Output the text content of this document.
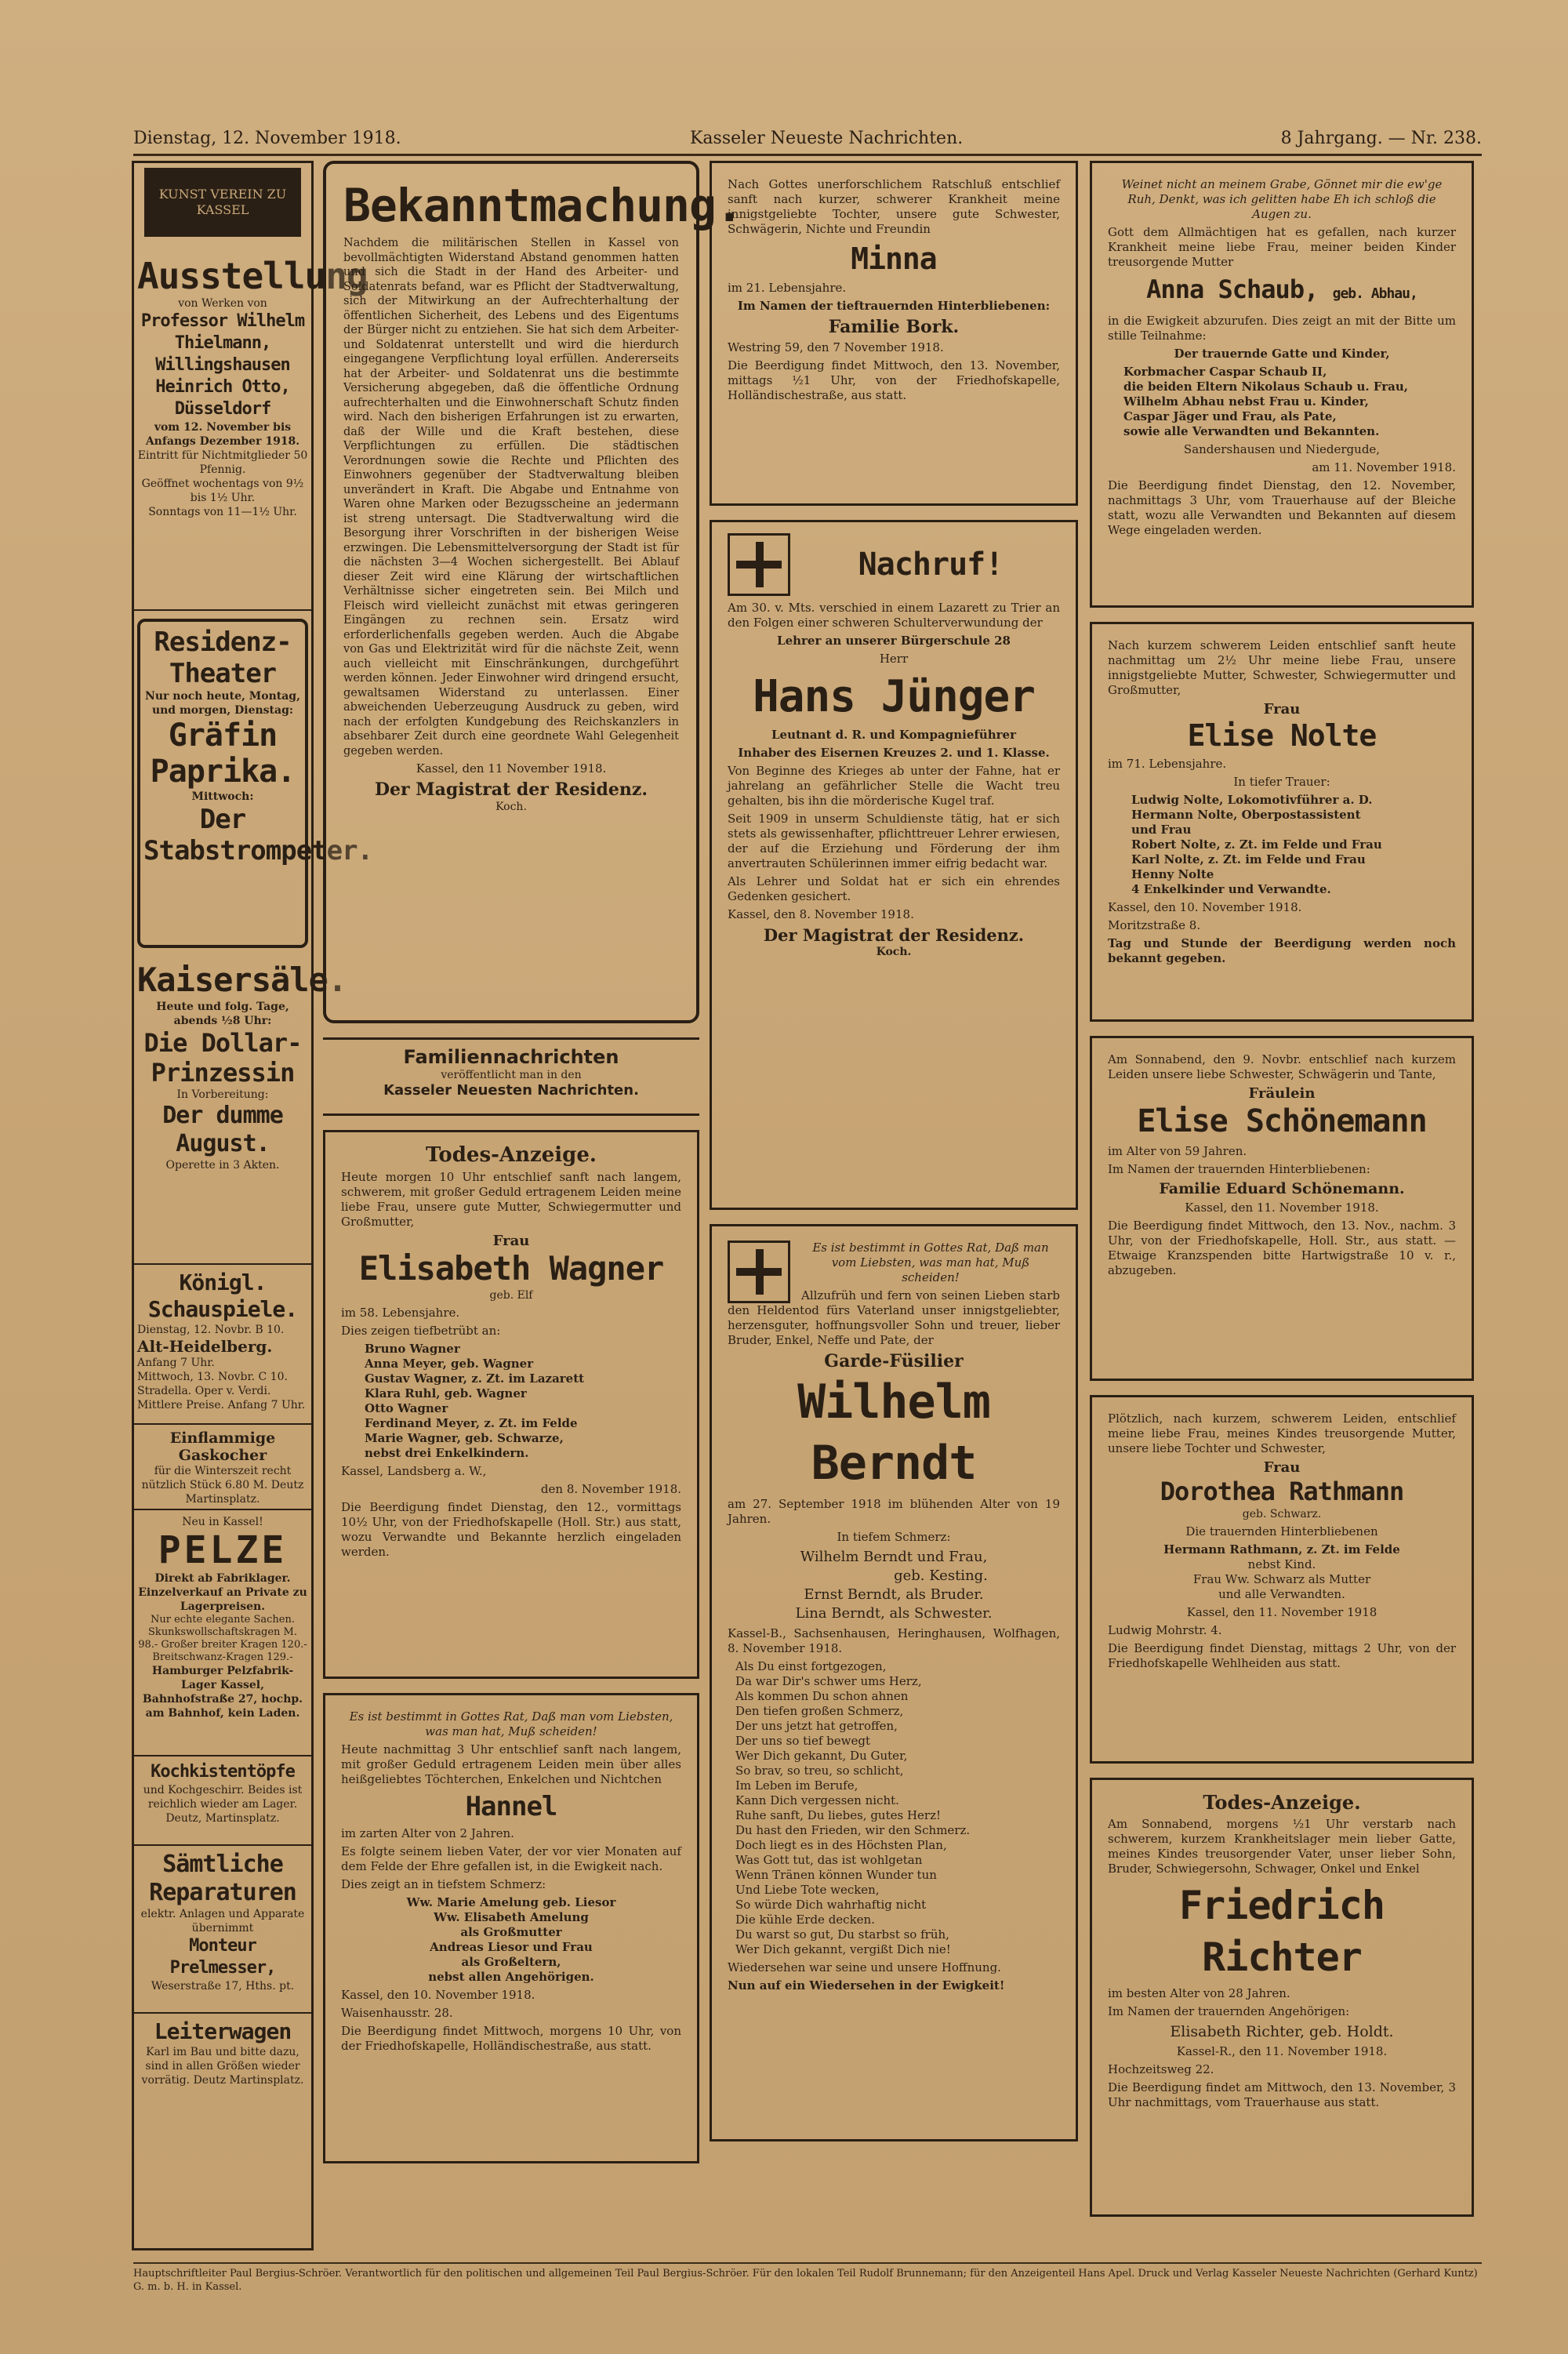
Dienstag, 12. November 1918.	Kasseler Neueste Nachrichten.	8 Jahrgang. — Nr. 238.
KUNST VEREIN ZU KASSEL
Ausstellung
von Werken von
Professor Wilhelm Thielmann, Willingshausen
Heinrich Otto, Düsseldorf
vom 12. November bis Anfangs Dezember 1918.
Eintritt für Nichtmitglieder 50 Pfennig.
Geöffnet wochentags von 9½ bis 1½ Uhr.
Sonntags von 11—1½ Uhr.
Residenz-Theater
Nur noch heute, Montag, und morgen, Dienstag:
Gräfin Paprika.
Mittwoch:
Der Stabstrompeter.
Kaisersäle.
Heute und folg. Tage, abends ½8 Uhr:
Die Dollar-Prinzessin
In Vorbereitung:
Der dumme August.
Operette in 3 Akten.
Königl. Schauspiele.
Dienstag, 12. Novbr. B 10.
Alt-Heidelberg.
Anfang 7 Uhr.
Mittwoch, 13. Novbr. C 10. Stradella. Oper v. Verdi. Mittlere Preise. Anfang 7 Uhr.
Einflammige Gaskocher
für die Winterszeit recht nützlich Stück 6.80 M. Deutz Martinsplatz.
Neu in Kassel!
PELZE
Direkt ab Fabriklager. Einzelverkauf an Private zu Lagerpreisen.
Nur echte elegante Sachen. Skunkswollschaftskragen M. 98.- Großer breiter Kragen 120.- Breitschwanz-Kragen 129.-
Hamburger Pelzfabrik-Lager Kassel, Bahnhofstraße 27, hochp. am Bahnhof, kein Laden.
Kochkistentöpfe
und Kochgeschirr. Beides ist reichlich wieder am Lager. Deutz, Martinsplatz.
Sämtliche Reparaturen
elektr. Anlagen und Apparate übernimmt
Monteur Prelmesser,
Weserstraße 17, Hths. pt.
Leiterwagen
Karl im Bau und bitte dazu, sind in allen Größen wieder vorrätig. Deutz Martinsplatz.
Bekanntmachung.
Nachdem die militärischen Stellen in Kassel von bevollmächtigten Widerstand Abstand genommen hatten und sich die Stadt in der Hand des Arbeiter- und Soldatenrats befand, war es Pflicht der Stadtverwaltung, sich der Mitwirkung an der Aufrechterhaltung der öffentlichen Sicherheit, des Lebens und des Eigentums der Bürger nicht zu entziehen. Sie hat sich dem Arbeiter- und Soldatenrat unterstellt und wird die hierdurch eingegangene Verpflichtung loyal erfüllen. Andererseits hat der Arbeiter- und Soldatenrat uns die bestimmte Versicherung abgegeben, daß die öffentliche Ordnung aufrechterhalten und die Einwohnerschaft Schutz finden wird. Nach den bisherigen Erfahrungen ist zu erwarten, daß der Wille und die Kraft bestehen, diese Verpflichtungen zu erfüllen. Die städtischen Verordnungen sowie die Rechte und Pflichten des Einwohners gegenüber der Stadtverwaltung bleiben unverändert in Kraft. Die Abgabe und Entnahme von Waren ohne Marken oder Bezugsscheine an jedermann ist streng untersagt. Die Stadtverwaltung wird die Besorgung ihrer Vorschriften in der bisherigen Weise erzwingen. Die Lebensmittelversorgung der Stadt ist für die nächsten 3—4 Wochen sichergestellt. Bei Ablauf dieser Zeit wird eine Klärung der wirtschaftlichen Verhältnisse sicher eingetreten sein. Bei Milch und Fleisch wird vielleicht zunächst mit etwas geringeren Eingängen zu rechnen sein. Ersatz wird erforderlichenfalls gegeben werden. Auch die Abgabe von Gas und Elektrizität wird für die nächste Zeit, wenn auch vielleicht mit Einschränkungen, durchgeführt werden können. Jeder Einwohner wird dringend ersucht, gewaltsamen Widerstand zu unterlassen. Einer abweichenden Ueberzeugung Ausdruck zu geben, wird nach der erfolgten Kundgebung des Reichskanzlers in absehbarer Zeit durch eine geordnete Wahl Gelegenheit gegeben werden.
Kassel, den 11 November 1918.
Der Magistrat der Residenz.
Koch.
Familiennachrichten
veröffentlicht man in den
Kasseler Neuesten Nachrichten.
Todes-Anzeige.
Heute morgen 10 Uhr entschlief sanft nach langem, schwerem, mit großer Geduld ertragenem Leiden meine liebe Frau, unsere gute Mutter, Schwiegermutter und Großmutter,
Frau
Elisabeth Wagner
geb. Elf
im 58. Lebensjahre.
Dies zeigen tiefbetrübt an:
Bruno Wagner
Anna Meyer, geb. Wagner
Gustav Wagner, z. Zt. im Lazarett
Klara Ruhl, geb. Wagner
Otto Wagner
Ferdinand Meyer, z. Zt. im Felde
Marie Wagner, geb. Schwarze,
nebst drei Enkelkindern.
Kassel, Landsberg a. W.,
den 8. November 1918.
Die Beerdigung findet Dienstag, den 12., vormittags 10½ Uhr, von der Friedhofskapelle (Holl. Str.) aus statt, wozu Verwandte und Bekannte herzlich eingeladen werden.
Es ist bestimmt in Gottes Rat, Daß man vom Liebsten, was man hat, Muß scheiden!
Heute nachmittag 3 Uhr entschlief sanft nach langem, mit großer Geduld ertragenem Leiden mein über alles heißgeliebtes Töchterchen, Enkelchen und Nichtchen
Hannel
im zarten Alter von 2 Jahren.
Es folgte seinem lieben Vater, der vor vier Monaten auf dem Felde der Ehre gefallen ist, in die Ewigkeit nach.
Dies zeigt an in tiefstem Schmerz:
Ww. Marie Amelung geb. Liesor
Ww. Elisabeth Amelung
als Großmutter
Andreas Liesor und Frau
als Großeltern,
nebst allen Angehörigen.
Kassel, den 10. November 1918.
Waisenhausstr. 28.
Die Beerdigung findet Mittwoch, morgens 10 Uhr, von der Friedhofskapelle, Holländischestraße, aus statt.
Nach Gottes unerforschlichem Ratschluß entschlief sanft nach kurzer, schwerer Krankheit meine innigstgeliebte Tochter, unsere gute Schwester, Schwägerin, Nichte und Freundin
Minna
im 21. Lebensjahre.
Im Namen der tieftrauernden Hinterbliebenen:
Familie Bork.
Westring 59, den 7 November 1918.
Die Beerdigung findet Mittwoch, den 13. November, mittags ½1 Uhr, von der Friedhofskapelle, Holländischestraße, aus statt.
Nachruf!
Am 30. v. Mts. verschied in einem Lazarett zu Trier an den Folgen einer schweren Schulterverwundung der
Lehrer an unserer Bürgerschule 28
Herr
Hans Jünger
Leutnant d. R. und Kompagnieführer
Inhaber des Eisernen Kreuzes 2. und 1. Klasse.
Von Beginne des Krieges ab unter der Fahne, hat er jahrelang an gefährlicher Stelle die Wacht treu gehalten, bis ihn die mörderische Kugel traf.
Seit 1909 in unserm Schuldienste tätig, hat er sich stets als gewissenhafter, pflichttreuer Lehrer erwiesen, der auf die Erziehung und Förderung der ihm anvertrauten Schülerinnen immer eifrig bedacht war.
Als Lehrer und Soldat hat er sich ein ehrendes Gedenken gesichert.
Kassel, den 8. November 1918.
Der Magistrat der Residenz.
Koch.
Es ist bestimmt in Gottes Rat, Daß man vom Liebsten, was man hat, Muß scheiden!
Allzufrüh und fern von seinen Lieben starb den Heldentod fürs Vaterland unser innigstgeliebter, herzensguter, hoffnungsvoller Sohn und treuer, lieber Bruder, Enkel, Neffe und Pate, der
Garde-Füsilier
Wilhelm Berndt
am 27. September 1918 im blühenden Alter von 19 Jahren.
In tiefem Schmerz:
Wilhelm Berndt und Frau,
geb. Kesting.
Ernst Berndt, als Bruder.
Lina Berndt, als Schwester.
Kassel-B., Sachsenhausen, Heringhausen, Wolfhagen, 8. November 1918.
Als Du einst fortgezogen,
Da war Dir's schwer ums Herz,
Als kommen Du schon ahnen
Den tiefen großen Schmerz,
Der uns jetzt hat getroffen,
Der uns so tief bewegt
Wer Dich gekannt, Du Guter,
So brav, so treu, so schlicht,
Im Leben im Berufe,
Kann Dich vergessen nicht.
Ruhe sanft, Du liebes, gutes Herz!
Du hast den Frieden, wir den Schmerz.
Doch liegt es in des Höchsten Plan,
Was Gott tut, das ist wohlgetan
Wenn Tränen können Wunder tun
Und Liebe Tote wecken,
So würde Dich wahrhaftig nicht
Die kühle Erde decken.
Du warst so gut, Du starbst so früh,
Wer Dich gekannt, vergißt Dich nie!
Wiedersehen war seine und unsere Hoffnung.
Nun auf ein Wiedersehen in der Ewigkeit!
Weinet nicht an meinem Grabe, Gönnet mir die ew'ge Ruh, Denkt, was ich gelitten habe Eh ich schloß die Augen zu.
Gott dem Allmächtigen hat es gefallen, nach kurzer Krankheit meine liebe Frau, meiner beiden Kinder treusorgende Mutter
Anna Schaub, geb. Abhau,
in die Ewigkeit abzurufen. Dies zeigt an mit der Bitte um stille Teilnahme:
Der trauernde Gatte und Kinder,
Korbmacher Caspar Schaub II,
die beiden Eltern Nikolaus Schaub u. Frau,
Wilhelm Abhau nebst Frau u. Kinder,
Caspar Jäger und Frau, als Pate,
sowie alle Verwandten und Bekannten.
Sandershausen und Niedergude,
am 11. November 1918.
Die Beerdigung findet Dienstag, den 12. November, nachmittags 3 Uhr, vom Trauerhause auf der Bleiche statt, wozu alle Verwandten und Bekannten auf diesem Wege eingeladen werden.
Nach kurzem schwerem Leiden entschlief sanft heute nachmittag um 2½ Uhr meine liebe Frau, unsere innigstgeliebte Mutter, Schwester, Schwiegermutter und Großmutter,
Frau
Elise Nolte
im 71. Lebensjahre.
In tiefer Trauer:
Ludwig Nolte, Lokomotivführer a. D.
Hermann Nolte, Oberpostassistent
und Frau
Robert Nolte, z. Zt. im Felde und Frau
Karl Nolte, z. Zt. im Felde und Frau
Henny Nolte
4 Enkelkinder und Verwandte.
Kassel, den 10. November 1918.
Moritzstraße 8.
Tag und Stunde der Beerdigung werden noch bekannt gegeben.
Am Sonnabend, den 9. Novbr. entschlief nach kurzem Leiden unsere liebe Schwester, Schwägerin und Tante,
Fräulein
Elise Schönemann
im Alter von 59 Jahren.
Im Namen der trauernden Hinterbliebenen:
Familie Eduard Schönemann.
Kassel, den 11. November 1918.
Die Beerdigung findet Mittwoch, den 13. Nov., nachm. 3 Uhr, von der Friedhofskapelle, Holl. Str., aus statt. — Etwaige Kranzspenden bitte Hartwigstraße 10 v. r., abzugeben.
Plötzlich, nach kurzem, schwerem Leiden, entschlief meine liebe Frau, meines Kindes treusorgende Mutter, unsere liebe Tochter und Schwester,
Frau
Dorothea Rathmann
geb. Schwarz.
Die trauernden Hinterbliebenen
Hermann Rathmann, z. Zt. im Felde
nebst Kind.
Frau Ww. Schwarz als Mutter
und alle Verwandten.
Kassel, den 11. November 1918
Ludwig Mohrstr. 4.
Die Beerdigung findet Dienstag, mittags 2 Uhr, von der Friedhofskapelle Wehlheiden aus statt.
Todes-Anzeige.
Am Sonnabend, morgens ½1 Uhr verstarb nach schwerem, kurzem Krankheitslager mein lieber Gatte, meines Kindes treusorgender Vater, unser lieber Sohn, Bruder, Schwiegersohn, Schwager, Onkel und Enkel
Friedrich Richter
im besten Alter von 28 Jahren.
Im Namen der trauernden Angehörigen:
Elisabeth Richter, geb. Holdt.
Kassel-R., den 11. November 1918.
Hochzeitsweg 22.
Die Beerdigung findet am Mittwoch, den 13. November, 3 Uhr nachmittags, vom Trauerhause aus statt.
Hauptschriftleiter Paul Bergius-Schröer. Verantwortlich für den politischen und allgemeinen Teil Paul Bergius-Schröer. Für den lokalen Teil Rudolf Brunnemann; für den Anzeigenteil Hans Apel. Druck und Verlag Kasseler Neueste Nachrichten (Gerhard Kuntz) G. m. b. H. in Kassel.
